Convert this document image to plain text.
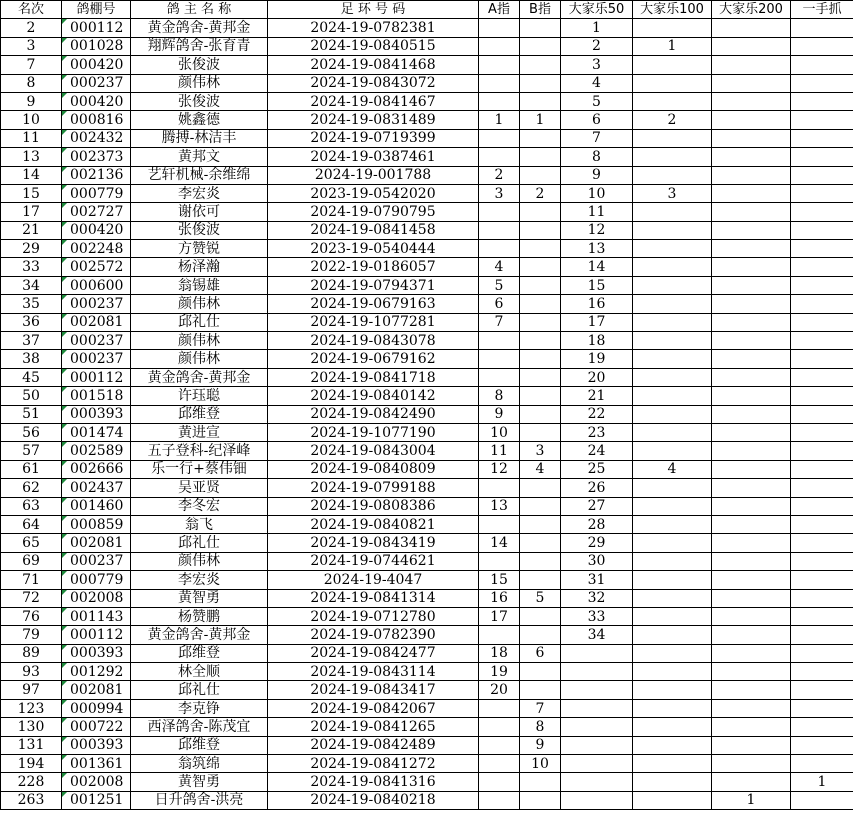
名次	鸽棚号	鸽 主 名 称	足 环 号 码	A指	B指	大家乐50	大家乐100	大家乐200	一手抓
2	000112	黄金鸽舍-黄邦金	2024-19-0782381			1			
3	001028	翔辉鸽舍-张育青	2024-19-0840515			2	1		
7	000420	张俊波	2024-19-0841468			3			
8	000237	颜伟林	2024-19-0843072			4			
9	000420	张俊波	2024-19-0841467			5			
10	000816	姚鑫德	2024-19-0831489	1	1	6	2		
11	002432	腾搏-林洁丰	2024-19-0719399			7			
13	002373	黄邦文	2024-19-0387461			8			
14	002136	艺轩机械-余维绵	2024-19-001788	2		9			
15	000779	李宏炎	2023-19-0542020	3	2	10	3		
17	002727	谢依可	2024-19-0790795			11			
21	000420	张俊波	2024-19-0841458			12			
29	002248	方赞锐	2023-19-0540444			13			
33	002572	杨泽瀚	2022-19-0186057	4		14			
34	000600	翁锡雄	2024-19-0794371	5		15			
35	000237	颜伟林	2024-19-0679163	6		16			
36	002081	邱礼仕	2024-19-1077281	7		17			
37	000237	颜伟林	2024-19-0843078			18			
38	000237	颜伟林	2024-19-0679162			19			
45	000112	黄金鸽舍-黄邦金	2024-19-0841718			20			
50	001518	许珏聪	2024-19-0840142	8		21			
51	000393	邱维登	2024-19-0842490	9		22			
56	001474	黄进宣	2024-19-1077190	10		23			
57	002589	五子登科-纪泽峰	2024-19-0843004	11	3	24			
61	002666	乐一行+蔡伟钿	2024-19-0840809	12	4	25	4		
62	002437	吴亚贤	2024-19-0799188			26			
63	001460	李冬宏	2024-19-0808386	13		27			
64	000859	翁飞	2024-19-0840821			28			
65	002081	邱礼仕	2024-19-0843419	14		29			
69	000237	颜伟林	2024-19-0744621			30			
71	000779	李宏炎	2024-19-4047	15		31			
72	002008	黄智勇	2024-19-0841314	16	5	32			
76	001143	杨赞鹏	2024-19-0712780	17		33			
79	000112	黄金鸽舍-黄邦金	2024-19-0782390			34			
89	000393	邱维登	2024-19-0842477	18	6				
93	001292	林全顺	2024-19-0843114	19					
97	002081	邱礼仕	2024-19-0843417	20					
123	000994	李克铮	2024-19-0842067		7				
130	000722	西泽鸽舍-陈茂宜	2024-19-0841265		8				
131	000393	邱维登	2024-19-0842489		9				
194	001361	翁筑绵	2024-19-0841272		10				
228	002008	黄智勇	2024-19-0841316						1
263	001251	日升鸽舍-洪亮	2024-19-0840218					1	
